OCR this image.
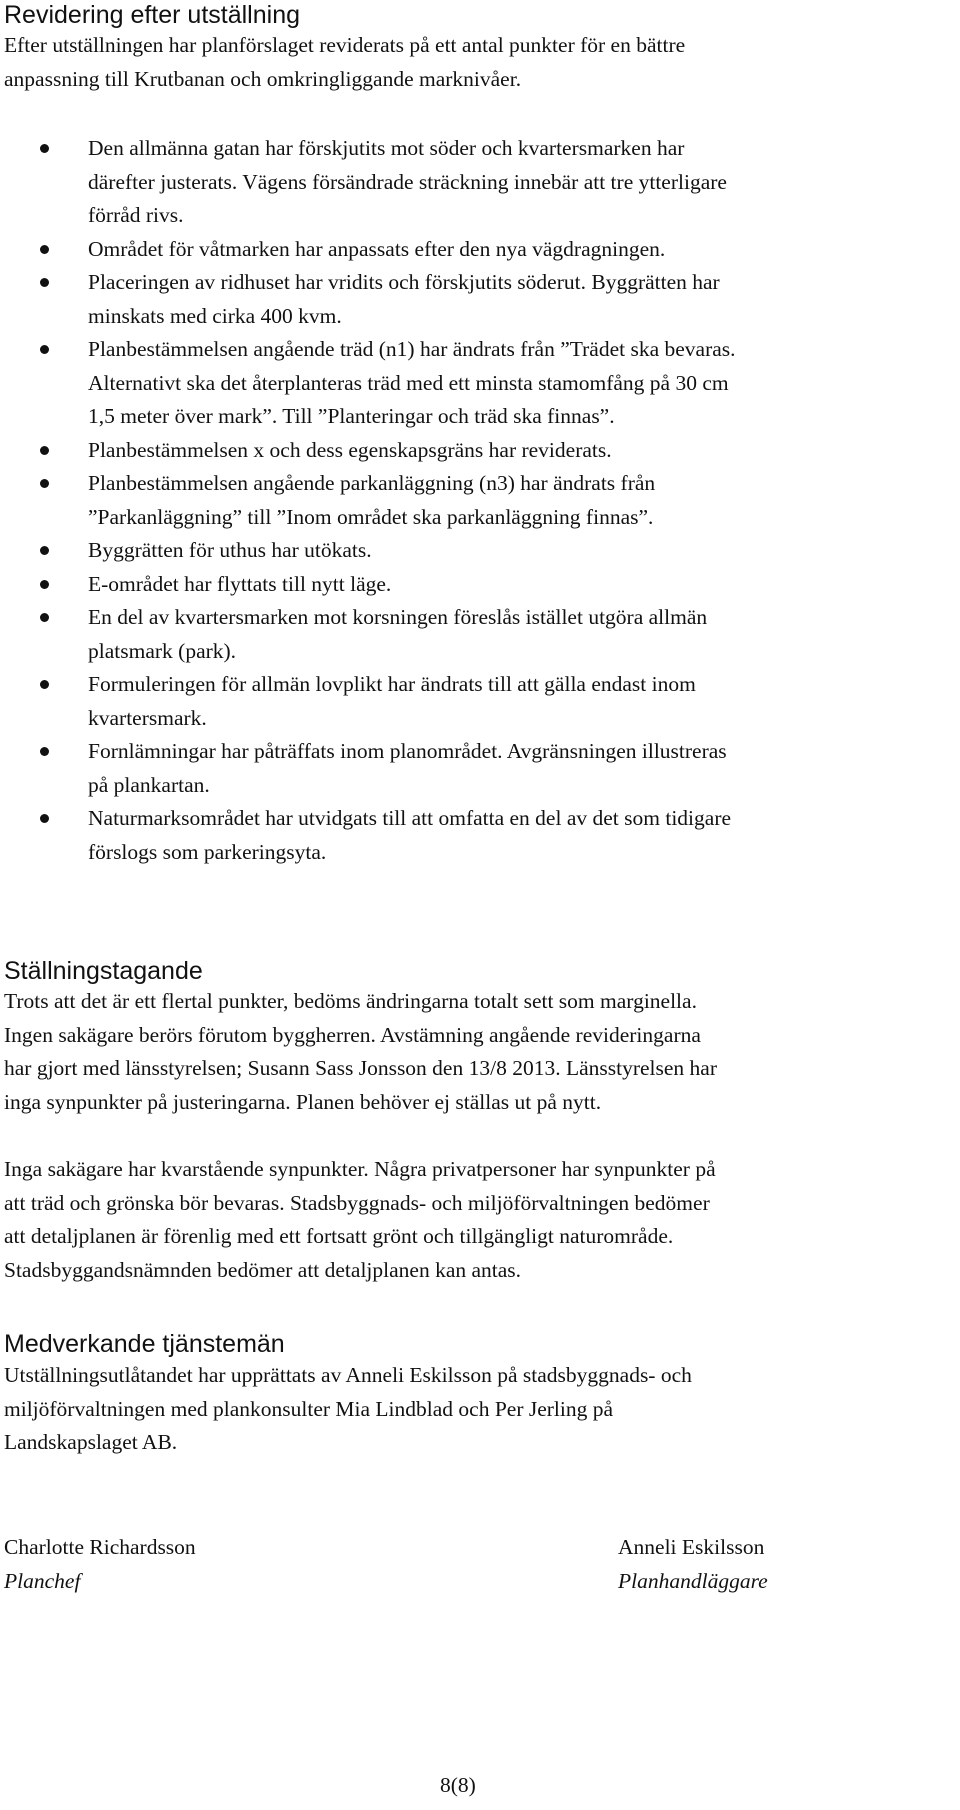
Revidering efter utställning

Efter utställningen har planförslaget reviderats på ett antal punkter för en bättre
anpassning till Krutbanan och omkringliggande marknivåer.

Den allmänna gatan har förskjutits mot söder och kvartersmarken har
därefter justerats. Vägens försändrade sträckning innebär att tre ytterligare
förråd rivs.
Området för våtmarken har anpassats efter den nya vägdragningen.
Placeringen av ridhuset har vridits och förskjutits söderut. Byggrätten har
minskats med cirka 400 kvm.
Planbestämmelsen angående träd (n1) har ändrats från ”Trädet ska bevaras.
Alternativt ska det återplanteras träd med ett minsta stamomfång på 30 cm
1,5 meter över mark”. Till ”Planteringar och träd ska finnas”.
Planbestämmelsen x och dess egenskapsgräns har reviderats.
Planbestämmelsen angående parkanläggning (n3) har ändrats från
”Parkanläggning” till ”Inom området ska parkanläggning finnas”.
Byggrätten för uthus har utökats.
E-området har flyttats till nytt läge.
En del av kvartersmarken mot korsningen föreslås istället utgöra allmän
platsmark (park).
Formuleringen för allmän lovplikt har ändrats till att gälla endast inom
kvartersmark.
Fornlämningar har påträffats inom planområdet. Avgränsningen illustreras
på plankartan.
Naturmarksområdet har utvidgats till att omfatta en del av det som tidigare
förslogs som parkeringsyta.
Ställningstagande

Trots att det är ett flertal punkter, bedöms ändringarna totalt sett som marginella.
Ingen sakägare berörs förutom byggherren. Avstämning angående revideringarna
har gjort med länsstyrelsen; Susann Sass Jonsson den 13/8 2013. Länsstyrelsen har
inga synpunkter på justeringarna. Planen behöver ej ställas ut på nytt.

Inga sakägare har kvarstående synpunkter. Några privatpersoner har synpunkter på
att träd och grönska bör bevaras. Stadsbyggnads- och miljöförvaltningen bedömer
att detaljplanen är förenlig med ett fortsatt grönt och tillgängligt naturområde.
Stadsbyggandsnämnden bedömer att detaljplanen kan antas.

Medverkande tjänstemän

Utställningsutlåtandet har upprättats av Anneli Eskilsson på stadsbyggnads- och
miljöförvaltningen med plankonsulter Mia Lindblad och Per Jerling på
Landskapslaget AB.

Charlotte Richardsson
Planchef
Anneli Eskilsson
Planhandläggare
8(8)
